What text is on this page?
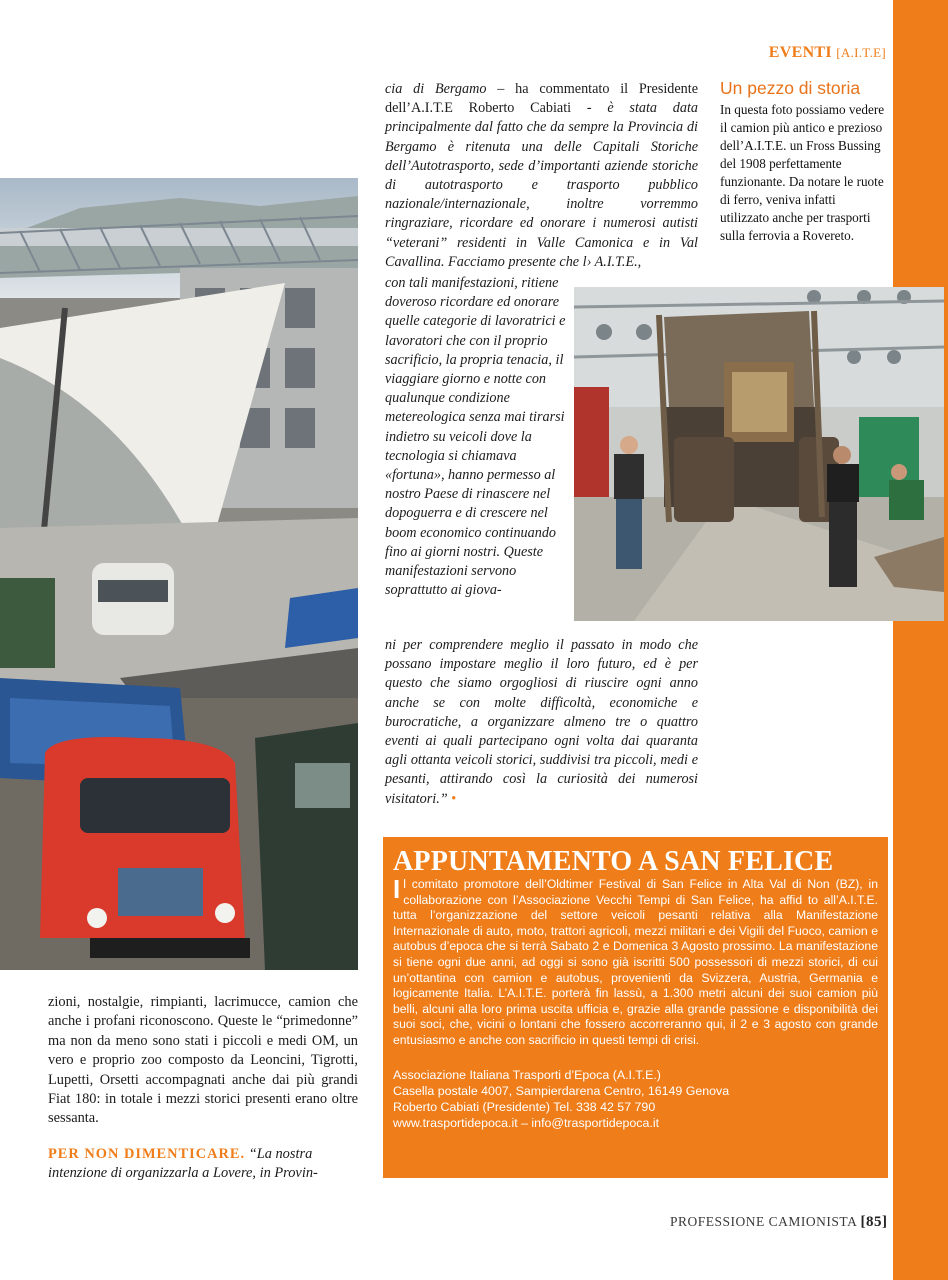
EVENTI [A.I.T.E]
Un pezzo di storia

In questa foto possiamo vedere il camion più antico e prezioso dell’A.I.T.E. un Fross Bussing del 1908 perfettamente funzionante. Da notare le ruote di ferro, veniva infatti utilizzato anche per trasporti sulla ferrovia a Rovereto.

cia di Bergamo – ha commentato il Presidente dell’A.I.T.E Roberto Cabiati - è stata data principalmente dal fatto che da sempre la Provincia di Bergamo è ritenuta una delle Capitali Storiche dell’Autotrasporto, sede d’importanti aziende storiche di autotrasporto e trasporto pubblico nazionale/internazionale, inoltre vorremmo ringraziare, ricordare ed onorare i numerosi autisti “veterani” residenti in Valle Camonica e in Val Cavallina. Facciamo presente che l› A.I.T.E.,
con tali manifestazioni, ritiene doveroso ricordare ed onorare quelle categorie di lavoratrici e lavoratori che con il proprio sacrificio, la propria tenacia, il viaggiare giorno e notte con qualunque condizione metereologica senza mai tirarsi indietro su veicoli dove la tecnologia si chiamava «fortuna», hanno permesso al nostro Paese di rinascere nel dopoguerra e di crescere nel boom economico continuando fino ai giorni nostri. Queste manifestazioni servono soprattutto ai giova-
ni per comprendere meglio il passato in modo che possano impostare meglio il loro futuro, ed è per questo che siamo orgogliosi di riuscire ogni anno anche se con molte difficoltà, economiche e burocratiche, a organizzare almeno tre o quattro eventi ai quali partecipano ogni volta dai quaranta agli ottanta veicoli storici, suddivisi tra piccoli, medi e pesanti, attirando così la curiosità dei numerosi visitatori.” •
zioni, nostalgie, rimpianti, lacrimucce, camion che anche i profani riconoscono. Queste le “primedonne” ma non da meno sono stati i piccoli e medi OM, un vero e proprio zoo composto da Leoncini, Tigrotti, Lupetti, Orsetti accompagnati anche dai più grandi Fiat 180: in totale i mezzi storici presenti erano oltre sessanta.
PER NON DIMENTICARE. “La nostra intenzione di organizzarla a Lovere, in Provin-
APPUNTAMENTO A SAN FELICE

Il comitato promotore dell’Oldtimer Festival di San Felice in Alta Val di Non (BZ), in collaborazione con l’Associazione Vecchi Tempi di San Felice, ha affid to all’A.I.T.E. tutta l’organizzazione del settore veicoli pesanti relativa alla Manifestazione Internazionale di auto, moto, trattori agricoli, mezzi militari e dei Vigili del Fuoco, camion e autobus d’epoca che si terrà Sabato 2 e Domenica 3 Agosto prossimo. La manifestazione si tiene ogni due anni, ad oggi si sono già iscritti 500 possessori di mezzi storici, di cui un’ottantina con camion e autobus, provenienti da Svizzera, Austria, Germania e logicamente Italia. L’A.I.T.E. porterà fin lassù, a 1.300 metri alcuni dei suoi camion più belli, alcuni alla loro prima uscita ufficia e, grazie alla grande passione e disponibilità dei suoi soci, che, vicini o lontani che fossero accorreranno qui, il 2 e 3 agosto con grande entusiasmo e anche con sacrificio in questi tempi di crisi.

Associazione Italiana Trasporti d’Epoca (A.I.T.E.)
Casella postale 4007, Sampierdarena Centro, 16149 Genova
Roberto Cabiati (Presidente) Tel. 338 42 57 790
www.trasportidepoca.it – info@trasportidepoca.it
PROFESSIONE CAMIONISTA [85]
